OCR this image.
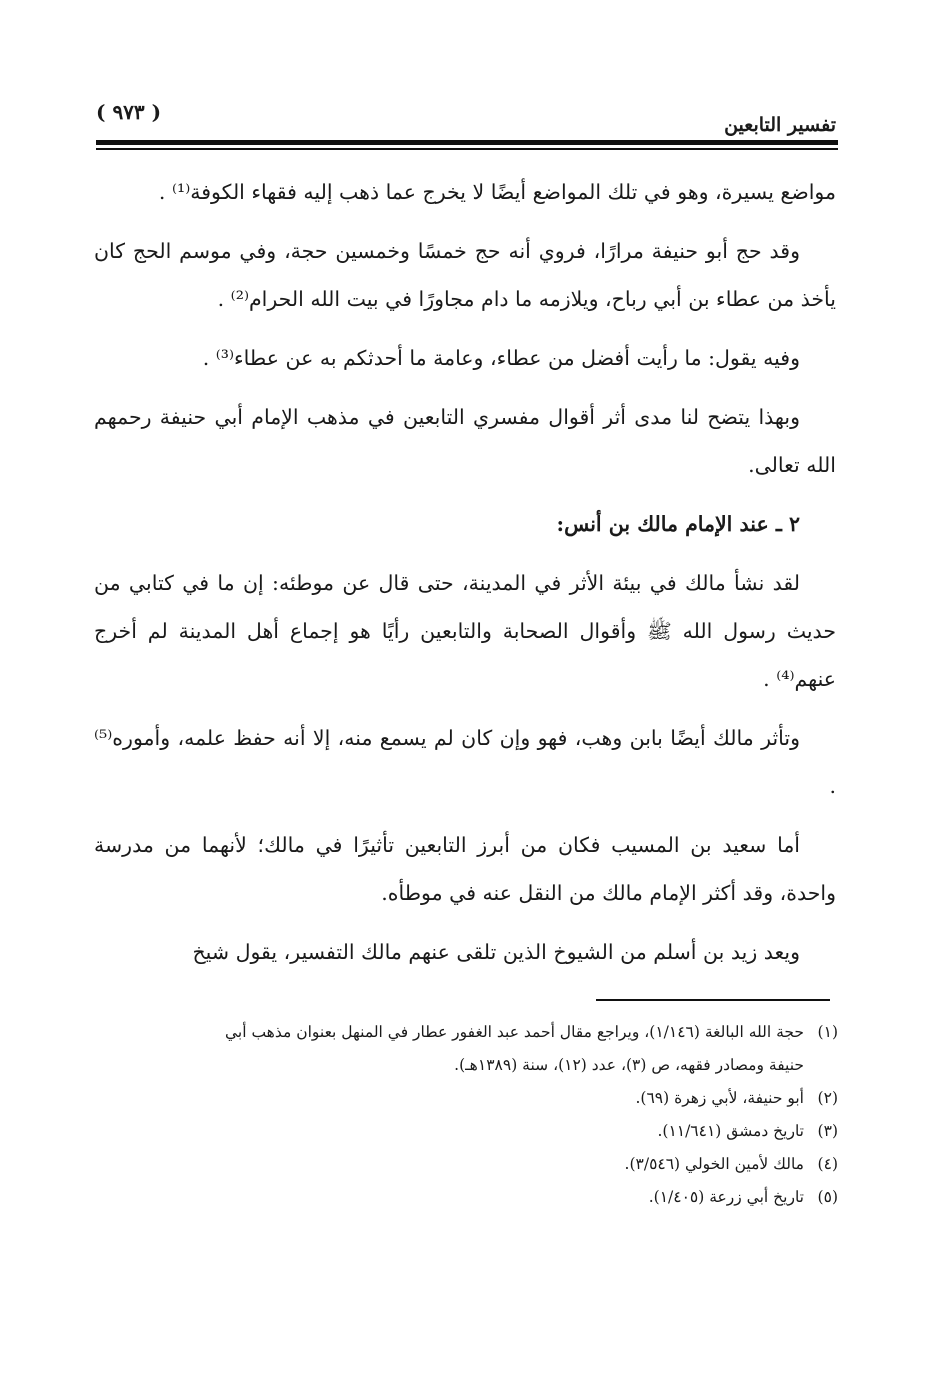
تفسير التابعين
( ٩٧٣ )

مواضع يسيرة، وهو في تلك المواضع أيضًا لا يخرج عما ذهب إليه فقهاء الكوفة⁽¹⁾ .

وقد حج أبو حنيفة مرارًا، فروي أنه حج خمسًا وخمسين حجة، وفي موسم الحج كان يأخذ من عطاء بن أبي رباح، ويلازمه ما دام مجاورًا في بيت الله الحرام⁽²⁾ .

وفيه يقول: ما رأيت أفضل من عطاء، وعامة ما أحدثكم به عن عطاء⁽³⁾ .

وبهذا يتضح لنا مدى أثر أقوال مفسري التابعين في مذهب الإمام أبي حنيفة رحمهم الله تعالى.

٢ ـ عند الإمام مالك بن أنس:

لقد نشأ مالك في بيئة الأثر في المدينة، حتى قال عن موطئه: إن ما في كتابي من حديث رسول الله ﷺ وأقوال الصحابة والتابعين رأيًا هو إجماع أهل المدينة لم أخرج عنهم⁽⁴⁾ .

وتأثر مالك أيضًا بابن وهب، فهو وإن كان لم يسمع منه، إلا أنه حفظ علمه، وأموره⁽⁵⁾ .

أما سعيد بن المسيب فكان من أبرز التابعين تأثيرًا في مالك؛ لأنهما من مدرسة واحدة، وقد أكثر الإمام مالك من النقل عنه في موطأه.

ويعد زيد بن أسلم من الشيوخ الذين تلقى عنهم مالك التفسير، يقول شيخ

(١)حجة الله البالغة (١/١٤٦)، ويراجع مقال أحمد عبد الغفور عطار في المنهل بعنوان مذهب أبي

حنيفة ومصادر فقهه، ص (٣)، عدد (١٢)، سنة (١٣٨٩هـ).

(٢)أبو حنيفة، لأبي زهرة (٦٩).

(٣)تاريخ دمشق (١١/٦٤١).

(٤)مالك لأمين الخولي (٣/٥٤٦).

(٥)تاريخ أبي زرعة (١/٤٠٥).
